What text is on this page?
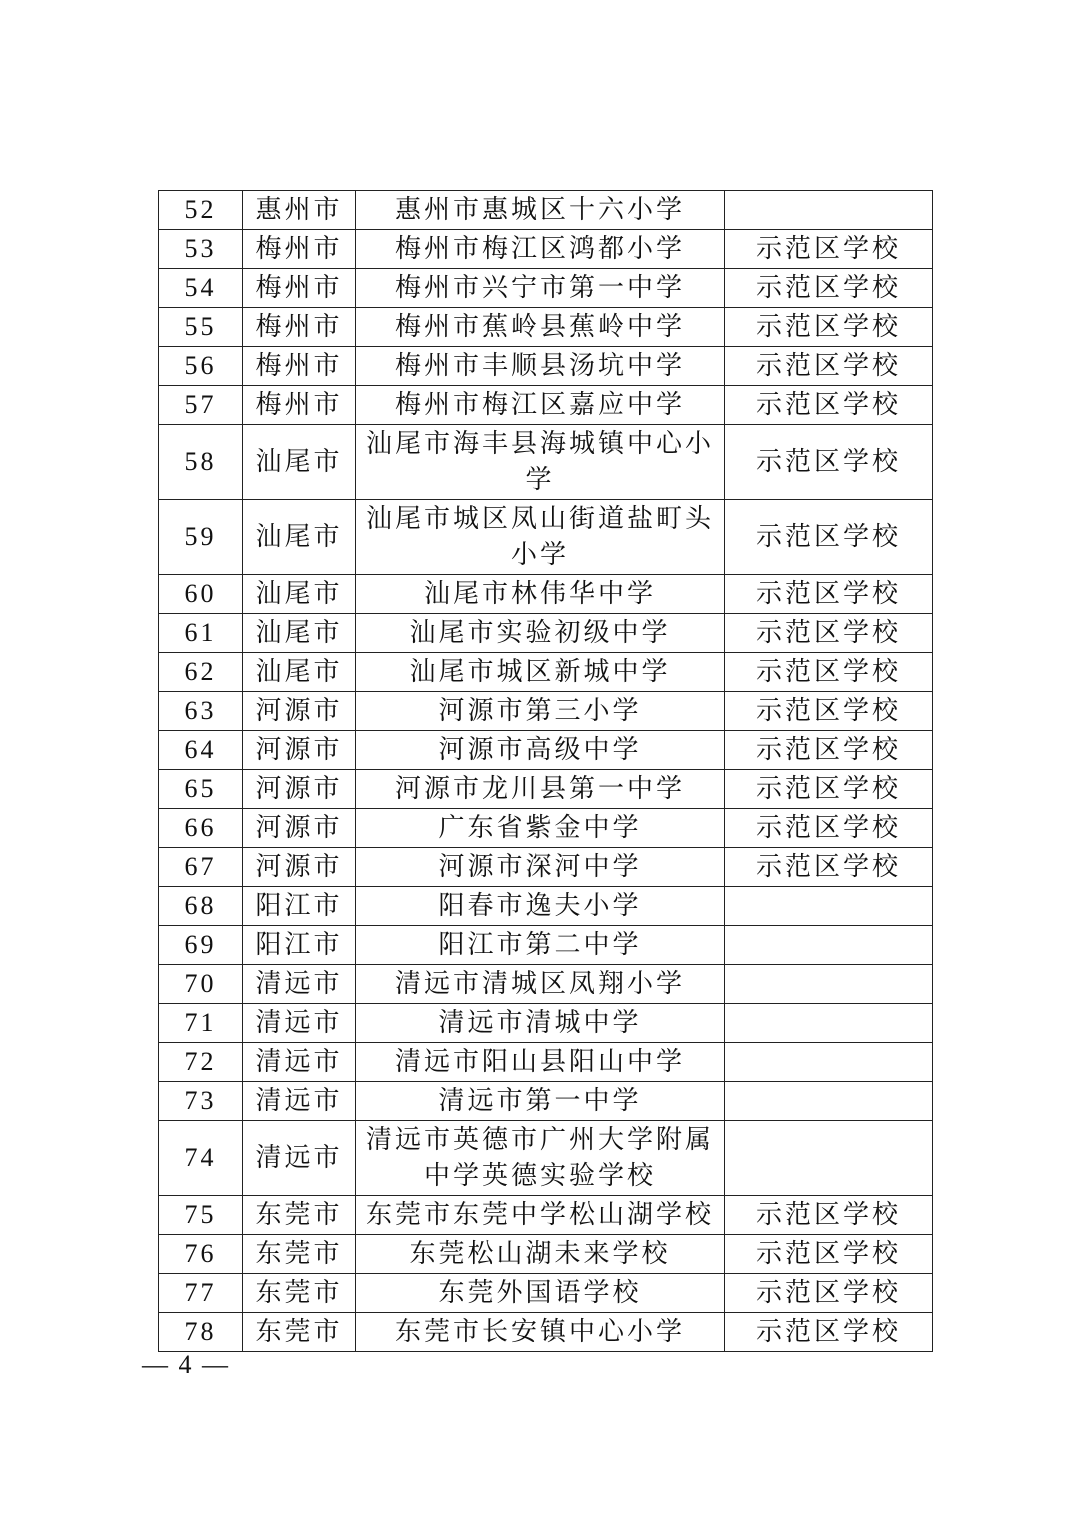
52	惠州市	惠州市惠城区十六小学	
53	梅州市	梅州市梅江区鸿都小学	示范区学校
54	梅州市	梅州市兴宁市第一中学	示范区学校
55	梅州市	梅州市蕉岭县蕉岭中学	示范区学校
56	梅州市	梅州市丰顺县汤坑中学	示范区学校
57	梅州市	梅州市梅江区嘉应中学	示范区学校
58	汕尾市	汕尾市海丰县海城镇中心小学	示范区学校
59	汕尾市	汕尾市城区凤山街道盐町头小学	示范区学校
60	汕尾市	汕尾市林伟华中学	示范区学校
61	汕尾市	汕尾市实验初级中学	示范区学校
62	汕尾市	汕尾市城区新城中学	示范区学校
63	河源市	河源市第三小学	示范区学校
64	河源市	河源市高级中学	示范区学校
65	河源市	河源市龙川县第一中学	示范区学校
66	河源市	广东省紫金中学	示范区学校
67	河源市	河源市深河中学	示范区学校
68	阳江市	阳春市逸夫小学	
69	阳江市	阳江市第二中学	
70	清远市	清远市清城区凤翔小学	
71	清远市	清远市清城中学	
72	清远市	清远市阳山县阳山中学	
73	清远市	清远市第一中学	
74	清远市	清远市英德市广州大学附属中学英德实验学校	
75	东莞市	东莞市东莞中学松山湖学校	示范区学校
76	东莞市	东莞松山湖未来学校	示范区学校
77	东莞市	东莞外国语学校	示范区学校
78	东莞市	东莞市长安镇中心小学	示范区学校
— 4 —
